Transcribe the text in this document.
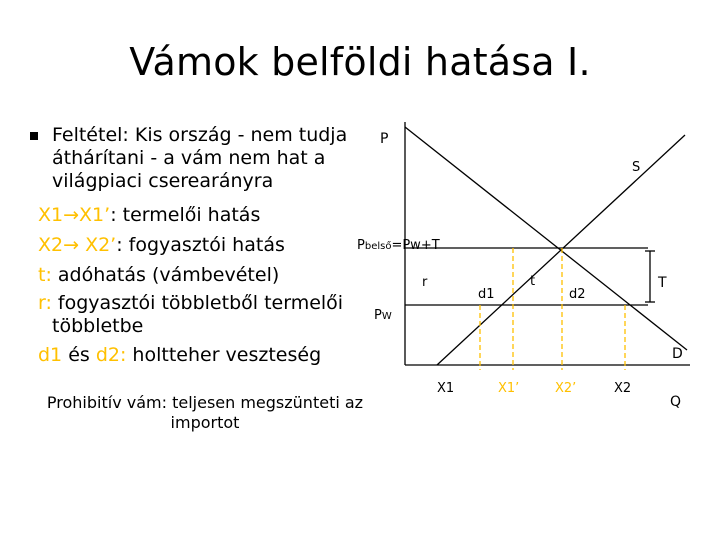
Vámok belföldi hatása I.
Feltétel: Kis ország - nem tudja
áthárítani - a vám nem hat a
világpiaci cserearányra
X1→X1’: termelői hatás
X2→ X2’: fogyasztói hatás
t: adóhatás (vámbevétel)
r: fogyasztói többletből termelői
többletbe
d1 és d2: holtteher veszteség
Prohibitív vám: teljesen megszünteti az
importot
P
Q
S
D
Pbelső=Pw+T
PW
r
d1
t
d2
T
X1	X1’	X2’	X2
